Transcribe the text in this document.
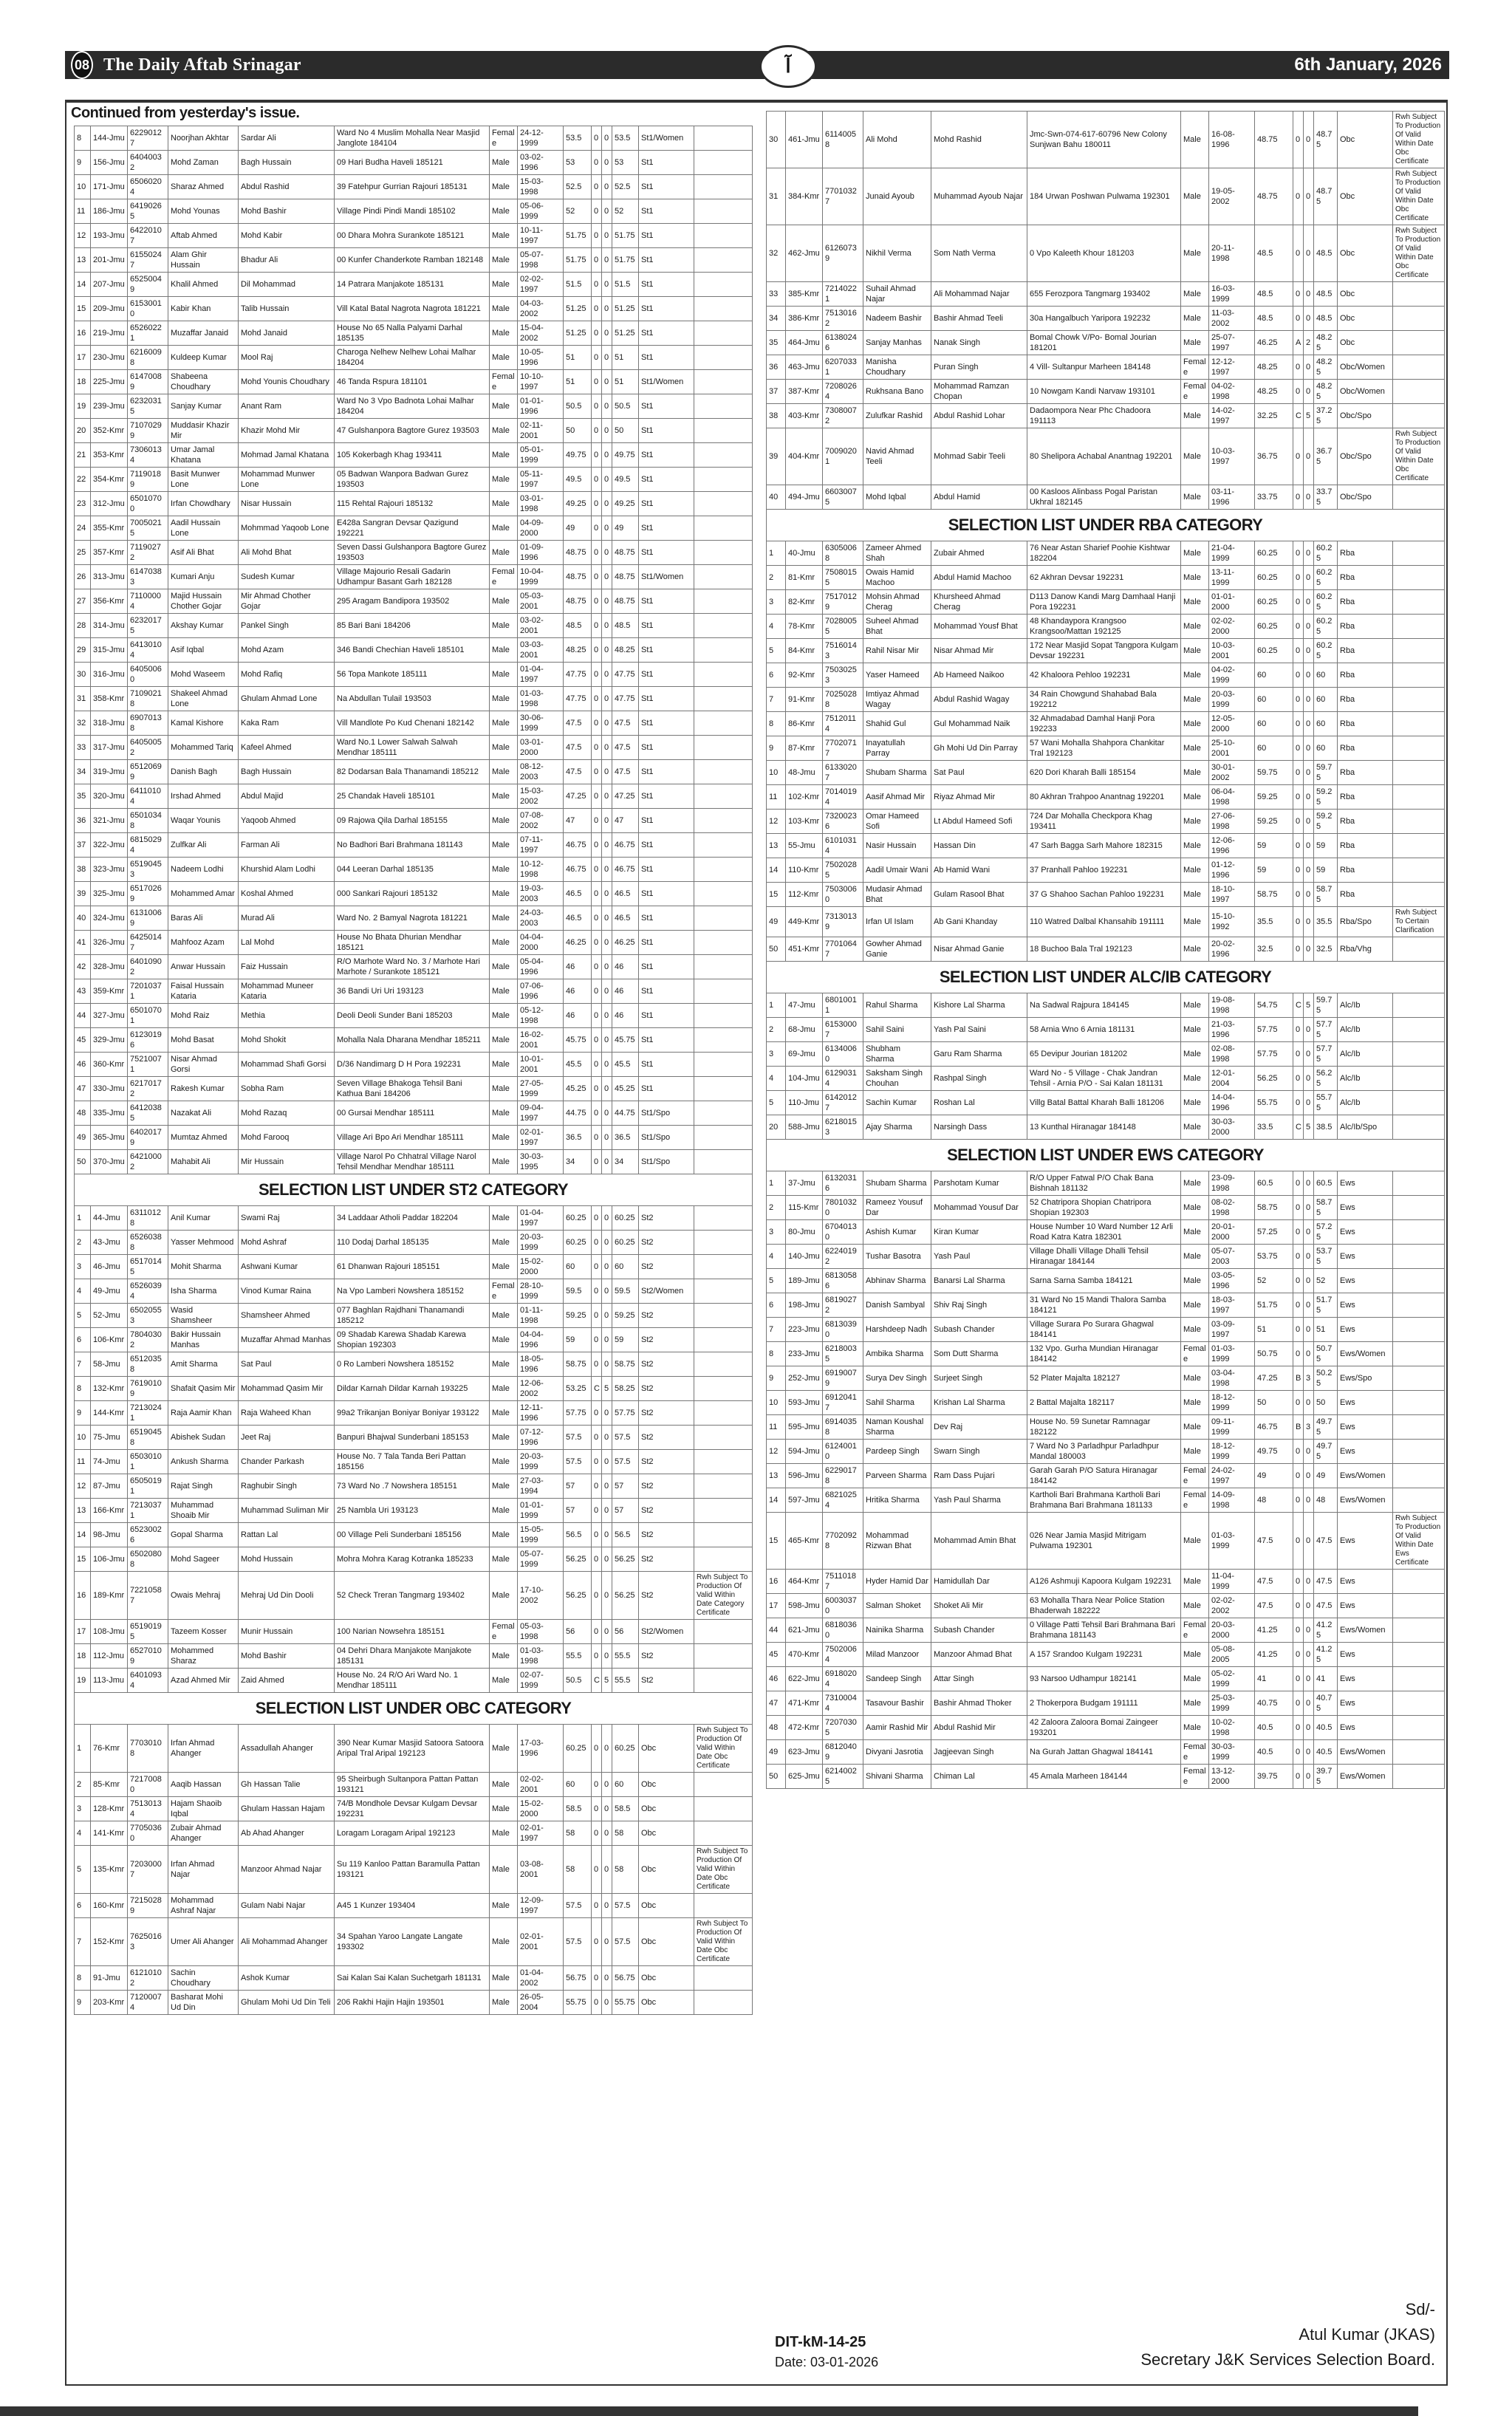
08 The Daily Aftab Srinagar	آ	6th January, 2026
Continued from yesterday's issue.
8	144-Jmu	62290127	Noorjhan Akhtar	Sardar Ali	Ward No 4 Muslim Mohalla Near Masjid Janglote 184104	Female	24-12-1999	53.5	0	0	53.5	St1/Women	
9	156-Jmu	64040032	Mohd Zaman	Bagh Hussain	09 Hari Budha Haveli 185121	Male	03-02-1996	53	0	0	53	St1	
10	171-Jmu	65060204	Sharaz Ahmed	Abdul Rashid	39 Fatehpur Gurrian Rajouri 185131	Male	15-03-1998	52.5	0	0	52.5	St1	
11	186-Jmu	64190265	Mohd Younas	Mohd Bashir	Village Pindi Pindi Mandi 185102	Male	05-06-1999	52	0	0	52	St1	
12	193-Jmu	64220107	Aftab Ahmed	Mohd Kabir	00 Dhara Mohra Surankote 185121	Male	10-11-1997	51.75	0	0	51.75	St1	
13	201-Jmu	61550247	Alam Ghir Hussain	Bhadur Ali	00 Kunfer Chanderkote Ramban 182148	Male	05-07-1998	51.75	0	0	51.75	St1	
14	207-Jmu	65250049	Khalil Ahmed	Dil Mohammad	14 Patrara Manjakote 185131	Male	02-02-1997	51.5	0	0	51.5	St1	
15	209-Jmu	61530010	Kabir Khan	Talib Hussain	Vill Katal Batal Nagrota Nagrota 181221	Male	04-03-2002	51.25	0	0	51.25	St1	
16	219-Jmu	65260221	Muzaffar Janaid	Mohd Janaid	House No 65 Nalla Palyami Darhal 185135	Male	15-04-2002	51.25	0	0	51.25	St1	
17	230-Jmu	62160098	Kuldeep Kumar	Mool Raj	Charoga Nelhew Nelhew Lohai Malhar 184204	Male	10-05-1996	51	0	0	51	St1	
18	225-Jmu	61470089	Shabeena Choudhary	Mohd Younis Choudhary	46 Tanda Rspura 181101	Female	10-10-1997	51	0	0	51	St1/Women	
19	239-Jmu	62320315	Sanjay Kumar	Anant Ram	Ward No 3 Vpo Badnota Lohai Malhar 184204	Male	01-01-1996	50.5	0	0	50.5	St1	
20	352-Kmr	71070299	Muddasir Khazir Mir	Khazir Mohd Mir	47 Gulshanpora Bagtore Gurez 193503	Male	02-11-2001	50	0	0	50	St1	
21	353-Kmr	73060134	Umar Jamal Khatana	Mohmad Jamal Khatana	105 Kokerbagh Khag 193411	Male	05-01-1999	49.75	0	0	49.75	St1	
22	354-Kmr	71190189	Basit Munwer Lone	Mohammad Munwer Lone	05 Badwan Wanpora Badwan Gurez 193503	Male	05-11-1997	49.5	0	0	49.5	St1	
23	312-Jmu	65010700	Irfan Chowdhary	Nisar Hussain	115 Rehtal Rajouri 185132	Male	03-01-1998	49.25	0	0	49.25	St1	
24	355-Kmr	70050215	Aadil Hussain Lone	Mohmmad Yaqoob Lone	E428a Sangran Devsar Qazigund 192221	Male	04-09-2000	49	0	0	49	St1	
25	357-Kmr	71190272	Asif Ali Bhat	Ali Mohd Bhat	Seven Dassi Gulshanpora Bagtore Gurez 193503	Male	01-09-1996	48.75	0	0	48.75	St1	
26	313-Jmu	61470383	Kumari Anju	Sudesh Kumar	Village Majourio Resali Gadarin Udhampur Basant Garh 182128	Female	10-04-1999	48.75	0	0	48.75	St1/Women	
27	356-Kmr	71100004	Majid Hussain Chother Gojar	Mir Ahmad Chother Gojar	295 Aragam Bandipora 193502	Male	05-03-2001	48.75	0	0	48.75	St1	
28	314-Jmu	62320175	Akshay Kumar	Pankel Singh	85 Bari Bani 184206	Male	03-02-2001	48.5	0	0	48.5	St1	
29	315-Jmu	64130104	Asif Iqbal	Mohd Azam	346 Bandi Chechian Haveli 185101	Male	03-03-2001	48.25	0	0	48.25	St1	
30	316-Jmu	64050060	Mohd Waseem	Mohd Rafiq	56 Topa Mankote 185111	Male	01-04-1997	47.75	0	0	47.75	St1	
31	358-Kmr	71090218	Shakeel Ahmad Lone	Ghulam Ahmad Lone	Na Abdullan Tulail 193503	Male	01-03-1998	47.75	0	0	47.75	St1	
32	318-Jmu	69070138	Kamal Kishore	Kaka Ram	Vill Mandlote Po Kud Chenani 182142	Male	30-06-1999	47.5	0	0	47.5	St1	
33	317-Jmu	64050052	Mohammed Tariq	Kafeel Ahmed	Ward No.1 Lower Salwah Salwah Mendhar 185111	Male	03-01-2000	47.5	0	0	47.5	St1	
34	319-Jmu	65120699	Danish Bagh	Bagh Hussain	82 Dodarsan Bala Thanamandi 185212	Male	08-12-2003	47.5	0	0	47.5	St1	
35	320-Jmu	64110104	Irshad Ahmed	Abdul Majid	25 Chandak Haveli 185101	Male	15-03-2002	47.25	0	0	47.25	St1	
36	321-Jmu	65010348	Waqar Younis	Yaqoob Ahmed	09 Rajowa Qila Darhal 185155	Male	07-08-2002	47	0	0	47	St1	
37	322-Jmu	68150294	Zulfkar Ali	Farman Ali	No Badhori Bari Brahmana 181143	Male	07-11-1997	46.75	0	0	46.75	St1	
38	323-Jmu	65190453	Nadeem Lodhi	Khurshid Alam Lodhi	044 Leeran Darhal 185135	Male	10-12-1998	46.75	0	0	46.75	St1	
39	325-Jmu	65170269	Mohammed Amar	Koshal Ahmed	000 Sankari Rajouri 185132	Male	19-03-2003	46.5	0	0	46.5	St1	
40	324-Jmu	61310069	Baras Ali	Murad Ali	Ward No. 2 Bamyal Nagrota 181221	Male	24-03-2003	46.5	0	0	46.5	St1	
41	326-Jmu	64250147	Mahfooz Azam	Lal Mohd	House No Bhata Dhurian Mendhar 185121	Male	04-04-2000	46.25	0	0	46.25	St1	
42	328-Jmu	64010902	Anwar Hussain	Faiz Hussain	R/O Marhote Ward No. 3 / Marhote Hari Marhote / Surankote 185121	Male	05-04-1996	46	0	0	46	St1	
43	359-Kmr	72010371	Faisal Hussain Kataria	Mohammad Muneer Kataria	36 Bandi Uri Uri 193123	Male	07-06-1996	46	0	0	46	St1	
44	327-Jmu	65010701	Mohd Raiz	Methia	Deoli Deoli Sunder Bani 185203	Male	05-12-1998	46	0	0	46	St1	
45	329-Jmu	61230196	Mohd Basat	Mohd Shokit	Mohalla Nala Dharana Mendhar 185211	Male	16-02-2001	45.75	0	0	45.75	St1	
46	360-Kmr	75210071	Nisar Ahmad Gorsi	Mohammad Shafi Gorsi	D/36 Nandimarg D H Pora 192231	Male	10-01-2001	45.5	0	0	45.5	St1	
47	330-Jmu	62170172	Rakesh Kumar	Sobha Ram	Seven Village Bhakoga Tehsil Bani Kathua Bani 184206	Male	27-05-1999	45.25	0	0	45.25	St1	
48	335-Jmu	64120385	Nazakat Ali	Mohd Razaq	00 Gursai Mendhar 185111	Male	09-04-1997	44.75	0	0	44.75	St1/Spo	
49	365-Jmu	64020179	Mumtaz Ahmed	Mohd Farooq	Village Ari Bpo Ari Mendhar 185111	Male	02-01-1997	36.5	0	0	36.5	St1/Spo	
50	370-Jmu	64210002	Mahabit Ali	Mir Hussain	Village Narol Po Chhatral Village Narol Tehsil Mendhar Mendhar 185111	Male	30-03-1995	34	0	0	34	St1/Spo	
SELECTION LIST UNDER ST2 CATEGORY													
1	44-Jmu	63110128	Anil Kumar	Swami Raj	34 Laddaar Atholi Paddar 182204	Male	01-04-1997	60.25	0	0	60.25	St2	
2	43-Jmu	65260388	Yasser Mehmood	Mohd Ashraf	110 Dodaj Darhal 185135	Male	20-03-1999	60.25	0	0	60.25	St2	
3	46-Jmu	65170145	Mohit Sharma	Ashwani Kumar	61 Dhanwan Rajouri 185151	Male	15-02-2000	60	0	0	60	St2	
4	49-Jmu	65260394	Isha Sharma	Vinod Kumar Raina	Na Vpo Lamberi Nowshera 185152	Female	28-10-1999	59.5	0	0	59.5	St2/Women	
5	52-Jmu	65020553	Wasid Shamsheer	Shamsheer Ahmed	077 Baghlan Rajdhani Thanamandi 185212	Male	01-11-1998	59.25	0	0	59.25	St2	
6	106-Kmr	78040302	Bakir Hussain Manhas	Muzaffar Ahmad Manhas	09 Shadab Karewa Shadab Karewa Shopian 192303	Male	04-04-1996	59	0	0	59	St2	
7	58-Jmu	65120358	Amit Sharma	Sat Paul	0 Ro Lamberi Nowshera 185152	Male	18-05-1996	58.75	0	0	58.75	St2	
8	132-Kmr	76190109	Shafait Qasim Mir	Mohammad Qasim Mir	Dildar Karnah Dildar Karnah 193225	Male	12-06-2002	53.25	C	5	58.25	St2	
9	144-Kmr	72130241	Raja Aamir Khan	Raja Waheed Khan	99a2 Trikanjan Boniyar Boniyar 193122	Male	12-11-1996	57.75	0	0	57.75	St2	
10	75-Jmu	65190458	Abishek Sudan	Jeet Raj	Banpuri Bhajwal Sunderbani 185153	Male	07-12-1996	57.5	0	0	57.5	St2	
11	74-Jmu	65030101	Ankush Sharma	Chander Parkash	House No. 7 Tala Tanda Beri Pattan 185156	Male	20-03-1999	57.5	0	0	57.5	St2	
12	87-Jmu	65050191	Rajat Singh	Raghubir Singh	73 Ward No .7 Nowshera 185151	Male	27-03-1994	57	0	0	57	St2	
13	166-Kmr	72130371	Muhammad Shoaib Mir	Muhammad Suliman Mir	25 Nambla Uri 193123	Male	01-01-1999	57	0	0	57	St2	
14	98-Jmu	65230026	Gopal Sharma	Rattan Lal	00 Village Peli Sunderbani 185156	Male	15-05-1999	56.5	0	0	56.5	St2	
15	106-Jmu	65020808	Mohd Sageer	Mohd Hussain	Mohra Mohra Karag Kotranka 185233	Male	05-07-1999	56.25	0	0	56.25	St2	
16	189-Kmr	72210587	Owais Mehraj	Mehraj Ud Din Dooli	52 Check Treran Tangmarg 193402	Male	17-10-2002	56.25	0	0	56.25	St2	Rwh Subject To Production Of Valid Within Date Category Certificate
17	108-Jmu	65190195	Tazeem Kosser	Munir Hussain	100 Narian Nowsehra 185151	Female	05-03-1998	56	0	0	56	St2/Women	
18	112-Jmu	65270109	Mohammed Sharaz	Mohd Bashir	04 Dehri Dhara Manjakote Manjakote 185131	Male	01-03-1998	55.5	0	0	55.5	St2	
19	113-Jmu	64010934	Azad Ahmed Mir	Zaid Ahmed	House No. 24 R/O Ari Ward No. 1 Mendhar 185111	Male	02-07-1999	50.5	C	5	55.5	St2	
SELECTION LIST UNDER OBC CATEGORY													
1	76-Kmr	77030108	Irfan Ahmad Ahanger	Assadullah Ahanger	390 Near Kumar Masjid Satoora Satoora Aripal Tral Aripal 192123	Male	17-03-1996	60.25	0	0	60.25	Obc	Rwh Subject To Production Of Valid Within Date Obc Certificate
2	85-Kmr	72170080	Aaqib Hassan	Gh Hassan Talie	95 Sheirbugh Sultanpora Pattan Pattan 193121	Male	02-02-2001	60	0	0	60	Obc	
3	128-Kmr	75130134	Hajam Shaoib Iqbal	Ghulam Hassan Hajam	74/B Mondhole Devsar Kulgam Devsar 192231	Male	15-02-2000	58.5	0	0	58.5	Obc	
4	141-Kmr	77050360	Zubair Ahmad Ahanger	Ab Ahad Ahanger	Loragam Loragam Aripal 192123	Male	02-01-1997	58	0	0	58	Obc	
5	135-Kmr	72030007	Irfan Ahmad Najar	Manzoor Ahmad Najar	Su 119 Kanloo Pattan Baramulla Pattan 193121	Male	03-08-2001	58	0	0	58	Obc	Rwh Subject To Production Of Valid Within Date Obc Certificate
6	160-Kmr	72150289	Mohammad Ashraf Najar	Gulam Nabi Najar	A45 1 Kunzer 193404	Male	12-09-1997	57.5	0	0	57.5	Obc	
7	152-Kmr	76250163	Umer Ali Ahanger	Ali Mohammad Ahanger	34 Spahan Yaroo Langate Langate 193302	Male	02-01-2001	57.5	0	0	57.5	Obc	Rwh Subject To Production Of Valid Within Date Obc Certificate
8	91-Jmu	61210102	Sachin Choudhary	Ashok Kumar	Sai Kalan Sai Kalan Suchetgarh 181131	Male	01-04-2002	56.75	0	0	56.75	Obc	
9	203-Kmr	71200074	Basharat Mohi Ud Din	Ghulam Mohi Ud Din Teli	206 Rakhi Hajin Hajin 193501	Male	26-05-2004	55.75	0	0	55.75	Obc	
30	461-Jmu	61140058	Ali Mohd	Mohd Rashid	Jmc-Swn-074-617-60796 New Colony Sunjwan Bahu 180011	Male	16-08-1996	48.75	0	0	48.75	Obc	Rwh Subject To Production Of Valid Within Date Obc Certificate
31	384-Kmr	77010327	Junaid Ayoub	Muhammad Ayoub Najar	184 Urwan Poshwan Pulwama 192301	Male	19-05-2002	48.75	0	0	48.75	Obc	Rwh Subject To Production Of Valid Within Date Obc Certificate
32	462-Jmu	61260739	Nikhil Verma	Som Nath Verma	0 Vpo Kaleeth Khour 181203	Male	20-11-1998	48.5	0	0	48.5	Obc	Rwh Subject To Production Of Valid Within Date Obc Certificate
33	385-Kmr	72140221	Suhail Ahmad Najar	Ali Mohammad Najar	655 Ferozpora Tangmarg 193402	Male	16-03-1999	48.5	0	0	48.5	Obc	
34	386-Kmr	75130162	Nadeem Bashir	Bashir Ahmad Teeli	30a Hangalbuch Yaripora 192232	Male	11-03-2002	48.5	0	0	48.5	Obc	
35	464-Jmu	61380246	Sanjay Manhas	Nanak Singh	Bomal Chowk V/Po- Bomal Jourian 181201	Male	25-07-1997	46.25	A	2	48.25	Obc	
36	463-Jmu	62070331	Manisha Choudhary	Puran Singh	4 Vill- Sultanpur Marheen 184148	Female	12-12-1997	48.25	0	0	48.25	Obc/Women	
37	387-Kmr	72080264	Rukhsana Bano	Mohammad Ramzan Chopan	10 Nowgam Kandi Narvaw 193101	Female	04-02-1998	48.25	0	0	48.25	Obc/Women	
38	403-Kmr	73080072	Zulufkar Rashid	Abdul Rashid Lohar	Dadaompora Near Phc Chadoora 191113	Male	14-02-1997	32.25	C	5	37.25	Obc/Spo	
39	404-Kmr	70090201	Navid Ahmad Teeli	Mohmad Sabir Teeli	80 Shelipora Achabal Anantnag 192201	Male	10-03-1997	36.75	0	0	36.75	Obc/Spo	Rwh Subject To Production Of Valid Within Date Obc Certificate
40	494-Jmu	66030075	Mohd Iqbal	Abdul Hamid	00 Kasloos Alinbass Pogal Paristan Ukhral 182145	Male	03-11-1996	33.75	0	0	33.75	Obc/Spo	
SELECTION LIST UNDER RBA CATEGORY													
1	40-Jmu	63050068	Zameer Ahmed Shah	Zubair Ahmed	76 Near Astan Sharief Poohie Kishtwar 182204	Male	21-04-1999	60.25	0	0	60.25	Rba	
2	81-Kmr	75080155	Owais Hamid Machoo	Abdul Hamid Machoo	62 Akhran Devsar 192231	Male	13-11-1999	60.25	0	0	60.25	Rba	
3	82-Kmr	75170129	Mohsin Ahmad Cherag	Khursheed Ahmad Cherag	D113 Danow Kandi Marg Damhaal Hanji Pora 192231	Male	01-01-2000	60.25	0	0	60.25	Rba	
4	78-Kmr	70280055	Suheel Ahmad Bhat	Mohammad Yousf Bhat	48 Khandaypora Krangsoo Krangsoo/Mattan 192125	Male	02-02-2000	60.25	0	0	60.25	Rba	
5	84-Kmr	75160143	Rahil Nisar Mir	Nisar Ahmad Mir	172 Near Masjid Sopat Tangpora Kulgam Devsar 192231	Male	10-03-2001	60.25	0	0	60.25	Rba	
6	92-Kmr	75030253	Yaser Hameed	Ab Hameed Naikoo	42 Khaloora Pehloo 192231	Male	04-02-1999	60	0	0	60	Rba	
7	91-Kmr	70250288	Imtiyaz Ahmad Wagay	Abdul Rashid Wagay	34 Rain Chowgund Shahabad Bala 192212	Male	20-03-1999	60	0	0	60	Rba	
8	86-Kmr	75120114	Shahid Gul	Gul Mohammad Naik	32 Ahmadabad Damhal Hanji Pora 192233	Male	12-05-2000	60	0	0	60	Rba	
9	87-Kmr	77020717	Inayatullah Parray	Gh Mohi Ud Din Parray	57 Wani Mohalla Shahpora Chankitar Tral 192123	Male	25-10-2001	60	0	0	60	Rba	
10	48-Jmu	61330207	Shubam Sharma	Sat Paul	620 Dori Kharah Balli 185154	Male	30-01-2002	59.75	0	0	59.75	Rba	
11	102-Kmr	70140194	Aasif Ahmad Mir	Riyaz Ahmad Mir	80 Akhran Trahpoo Anantnag 192201	Male	06-04-1998	59.25	0	0	59.25	Rba	
12	103-Kmr	73200236	Omar Hameed Sofi	Lt Abdul Hameed Sofi	724 Dar Mohalla Checkpora Khag 193411	Male	27-06-1998	59.25	0	0	59.25	Rba	
13	55-Jmu	61010314	Nasir Hussain	Hassan Din	47 Sarh Bagga Sarh Mahore 182315	Male	12-06-1996	59	0	0	59	Rba	
14	110-Kmr	75020285	Aadil Umair Wani	Ab Hamid Wani	37 Pranhall Pahloo 192231	Male	01-12-1996	59	0	0	59	Rba	
15	112-Kmr	75030060	Mudasir Ahmad Bhat	Gulam Rasool Bhat	37 G Shahoo Sachan Pahloo 192231	Male	18-10-1997	58.75	0	0	58.75	Rba	
49	449-Kmr	73130139	Irfan Ul Islam	Ab Gani Khanday	110 Watred Dalbal Khansahib 191111	Male	15-10-1992	35.5	0	0	35.5	Rba/Spo	Rwh Subject To Certain Clarification
50	451-Kmr	77010647	Gowher Ahmad Ganie	Nisar Ahmad Ganie	18 Buchoo Bala Tral 192123	Male	20-02-1996	32.5	0	0	32.5	Rba/Vhg	
SELECTION LIST UNDER ALC/IB CATEGORY													
1	47-Jmu	68010011	Rahul Sharma	Kishore Lal Sharma	Na Sadwal Rajpura 184145	Male	19-08-1998	54.75	C	5	59.75	Alc/Ib	
2	68-Jmu	61530007	Sahil Saini	Yash Pal Saini	58 Arnia Wno 6 Arnia 181131	Male	21-03-1996	57.75	0	0	57.75	Alc/Ib	
3	69-Jmu	61340060	Shubham Sharma	Garu Ram Sharma	65 Devipur Jourian 181202	Male	02-08-1998	57.75	0	0	57.75	Alc/Ib	
4	104-Jmu	61290314	Saksham Singh Chouhan	Rashpal Singh	Ward No - 5 Village - Chak Jandran Tehsil - Arnia P/O - Sai Kalan 181131	Male	12-01-2004	56.25	0	0	56.25	Alc/Ib	
5	110-Jmu	61420127	Sachin Kumar	Roshan Lal	Villg Batal Battal Kharah Balli 181206	Male	14-04-1996	55.75	0	0	55.75	Alc/Ib	
20	588-Jmu	62180153	Ajay Sharma	Narsingh Dass	13 Kunthal Hiranagar 184148	Male	30-03-2000	33.5	C	5	38.5	Alc/Ib/Spo	
SELECTION LIST UNDER EWS CATEGORY													
1	37-Jmu	61320316	Shubam Sharma	Parshotam Kumar	R/O Upper Fatwal P/O Chak Bana Bishnah 181132	Male	23-09-1998	60.5	0	0	60.5	Ews	
2	115-Kmr	78010320	Rameez Yousuf Dar	Mohammad Yousuf Dar	52 Chatripora Shopian Chatripora Shopian 192303	Male	08-02-1998	58.75	0	0	58.75	Ews	
3	80-Jmu	67040130	Ashish Kumar	Kiran Kumar	House Number 10 Ward Number 12 Arli Road Katra Katra 182301	Male	20-01-2000	57.25	0	0	57.25	Ews	
4	140-Jmu	62240192	Tushar Basotra	Yash Paul	Village Dhalli Village Dhalli Tehsil Hiranagar 184144	Male	05-07-2003	53.75	0	0	53.75	Ews	
5	189-Jmu	68130586	Abhinav Sharma	Banarsi Lal Sharma	Sarna Sarna Samba 184121	Male	03-05-1996	52	0	0	52	Ews	
6	198-Jmu	68190272	Danish Sambyal	Shiv Raj Singh	31 Ward No 15 Mandi Thalora Samba 184121	Male	18-03-1997	51.75	0	0	51.75	Ews	
7	223-Jmu	68130390	Harshdeep Nadh	Subash Chander	Village Surara Po Surara Ghagwal 184141	Male	03-09-1997	51	0	0	51	Ews	
8	233-Jmu	62180035	Ambika Sharma	Som Dutt Sharma	132 Vpo. Gurha Mundian Hiranagar 184142	Female	01-03-1999	50.75	0	0	50.75	Ews/Women	
9	252-Jmu	69190079	Surya Dev Singh	Surjeet Singh	52 Plater Majalta 182127	Male	03-04-1998	47.25	B	3	50.25	Ews/Spo	
10	593-Jmu	69120417	Sahil Sharma	Krishan Lal Sharma	2 Battal Majalta 182117	Male	18-12-1999	50	0	0	50	Ews	
11	595-Jmu	69140358	Naman Koushal Sharma	Dev Raj	House No. 59 Sunetar Ramnagar 182122	Male	09-11-1999	46.75	B	3	49.75	Ews	
12	594-Jmu	61240010	Pardeep Singh	Swarn Singh	7 Ward No 3 Parladhpur Parladhpur Mandal 180003	Male	18-12-1999	49.75	0	0	49.75	Ews	
13	596-Jmu	62290178	Parveen Sharma	Ram Dass Pujari	Garah Garah P/O Satura Hiranagar 184142	Female	24-02-1997	49	0	0	49	Ews/Women	
14	597-Jmu	68210254	Hritika Sharma	Yash Paul Sharma	Kartholi Bari Brahmana Kartholi Bari Brahmana Bari Brahmana 181133	Female	14-09-1998	48	0	0	48	Ews/Women	
15	465-Kmr	77020928	Mohammad Rizwan Bhat	Mohammad Amin Bhat	026 Near Jamia Masjid Mitrigam Pulwama 192301	Male	01-03-1999	47.5	0	0	47.5	Ews	Rwh Subject To Production Of Valid Within Date Ews Certificate
16	464-Kmr	75110187	Hyder Hamid Dar	Hamidullah Dar	A126 Ashmuji Kapoora Kulgam 192231	Male	11-04-1999	47.5	0	0	47.5	Ews	
17	598-Jmu	60030370	Salman Shoket	Shoket Ali Mir	63 Mohalla Thara Near Police Station Bhaderwah 182222	Male	02-02-2002	47.5	0	0	47.5	Ews	
44	621-Jmu	68180360	Nainika Sharma	Subash Chander	0 Village Patti Tehsil Bari Brahmana Bari Brahmana 181143	Female	20-03-2000	41.25	0	0	41.25	Ews/Women	
45	470-Kmr	75020064	Milad Manzoor	Manzoor Ahmad Bhat	A 157 Srandoo Kulgam 192231	Male	05-08-2005	41.25	0	0	41.25	Ews	
46	622-Jmu	69180204	Sandeep Singh	Attar Singh	93 Narsoo Udhampur 182141	Male	05-02-1999	41	0	0	41	Ews	
47	471-Kmr	73100044	Tasavour Bashir	Bashir Ahmad Thoker	2 Thokerpora Budgam 191111	Male	25-03-1999	40.75	0	0	40.75	Ews	
48	472-Kmr	72070305	Aamir Rashid Mir	Abdul Rashid Mir	42 Zaloora Zaloora Bomai Zaingeer 193201	Male	10-02-1998	40.5	0	0	40.5	Ews	
49	623-Jmu	68120409	Divyani Jasrotia	Jagjeevan Singh	Na Gurah Jattan Ghagwal 184141	Female	30-03-1999	40.5	0	0	40.5	Ews/Women	
50	625-Jmu	62140025	Shivani Sharma	Chiman Lal	45 Amala Marheen 184144	Female	13-12-2000	39.75	0	0	39.75	Ews/Women	
DIT-kM-14-25
Date: 03-01-2026
Sd/-
Atul Kumar (JKAS)
Secretary J&K Services Selection Board.
